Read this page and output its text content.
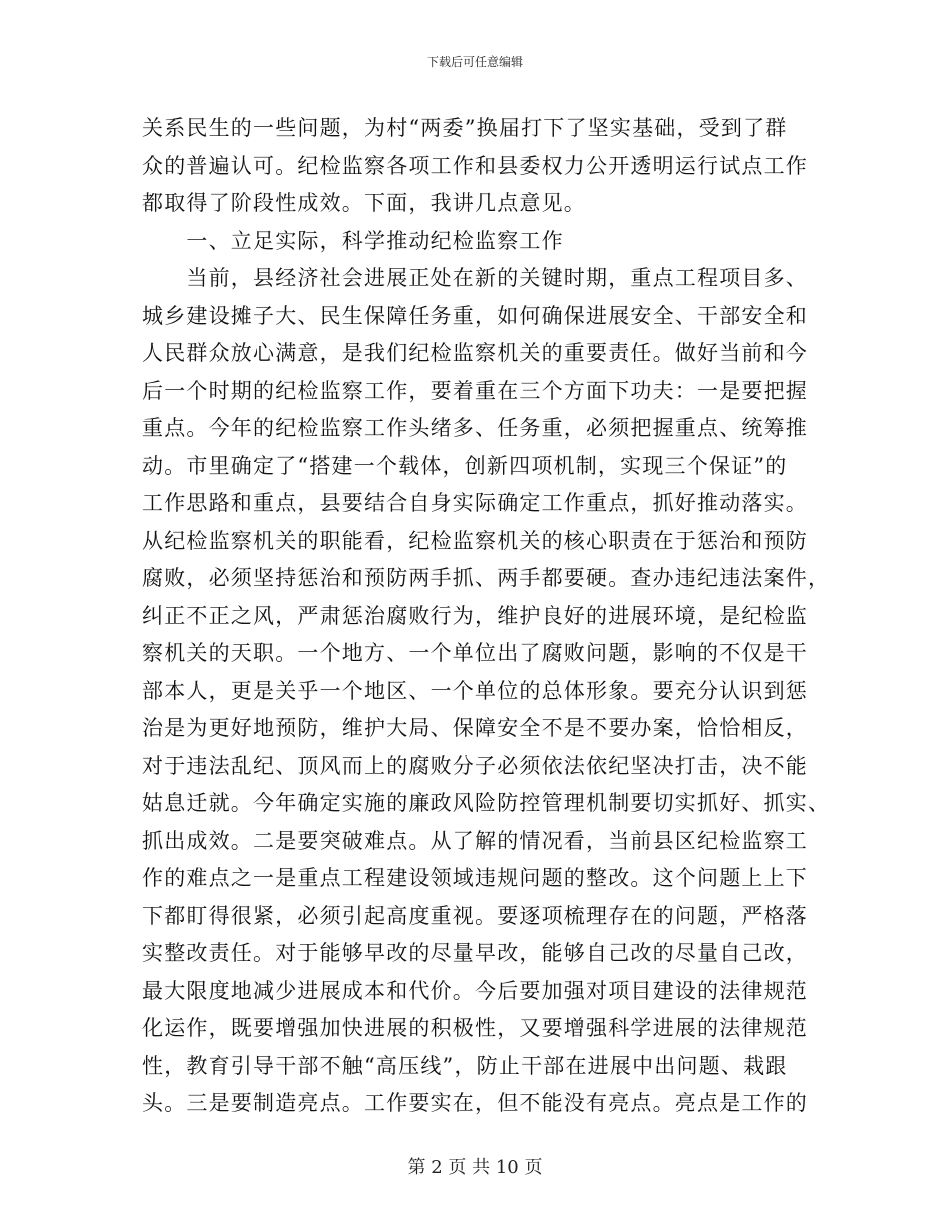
下载后可任意编辑
关系民生的一些问题，为村“两委”换届打下了坚实基础，受到了群
众的普遍认可。纪检监察各项工作和县委权力公开透明运行试点工作
都取得了阶段性成效。下面，我讲几点意见。
　　一、立足实际，科学推动纪检监察工作
　　当前，县经济社会进展正处在新的关键时期，重点工程项目多、
城乡建设摊子大、民生保障任务重，如何确保进展安全、干部安全和
人民群众放心满意，是我们纪检监察机关的重要责任。做好当前和今
后一个时期的纪检监察工作，要着重在三个方面下功夫：一是要把握
重点。今年的纪检监察工作头绪多、任务重，必须把握重点、统筹推
动。市里确定了“搭建一个载体，创新四项机制，实现三个保证”的
工作思路和重点，县要结合自身实际确定工作重点，抓好推动落实。
从纪检监察机关的职能看，纪检监察机关的核心职责在于惩治和预防
腐败，必须坚持惩治和预防两手抓、两手都要硬。查办违纪违法案件，
纠正不正之风，严肃惩治腐败行为，维护良好的进展环境，是纪检监
察机关的天职。一个地方、一个单位出了腐败问题，影响的不仅是干
部本人，更是关乎一个地区、一个单位的总体形象。要充分认识到惩
治是为更好地预防，维护大局、保障安全不是不要办案，恰恰相反，
对于违法乱纪、顶风而上的腐败分子必须依法依纪坚决打击，决不能
姑息迁就。今年确定实施的廉政风险防控管理机制要切实抓好、抓实、
抓出成效。二是要突破难点。从了解的情况看，当前县区纪检监察工
作的难点之一是重点工程建设领域违规问题的整改。这个问题上上下
下都盯得很紧，必须引起高度重视。要逐项梳理存在的问题，严格落
实整改责任。对于能够早改的尽量早改，能够自己改的尽量自己改，
最大限度地减少进展成本和代价。今后要加强对项目建设的法律规范
化运作，既要增强加快进展的积极性，又要增强科学进展的法律规范
性，教育引导干部不触“高压线”，防止干部在进展中出问题、栽跟
头。三是要制造亮点。工作要实在，但不能没有亮点。亮点是工作的
第 2 页 共 10 页
